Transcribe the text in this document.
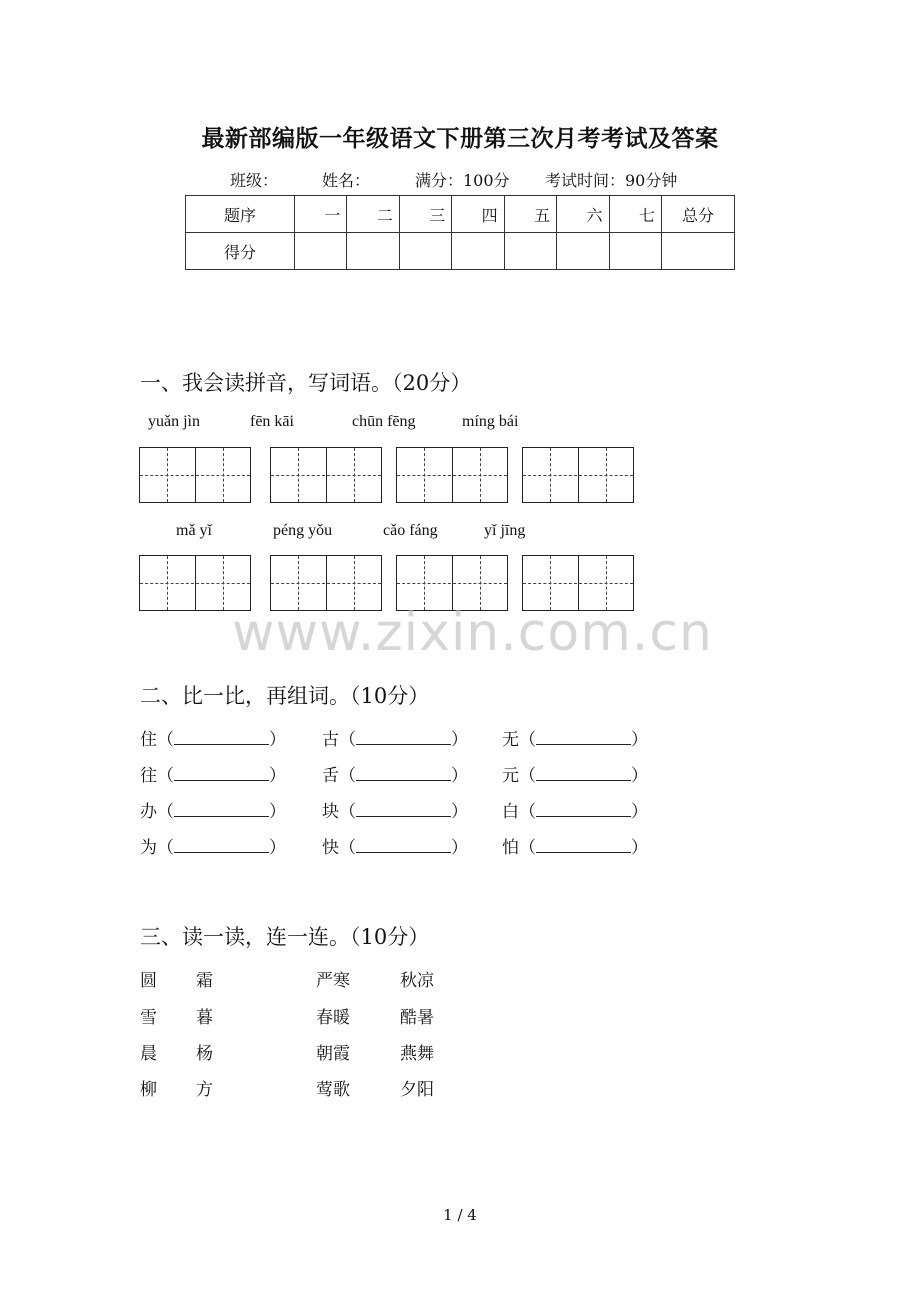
最新部编版一年级语文下册第三次月考考试及答案
班级：	姓名：	满分：100分 考试时间：90分钟
题序	一	二	三	四	五	六	七	总分
得分								
一、我会读拼音，写词语。（20分）
yuǎn jìn	fēn kāi	chūn fēng	míng bái
mǎ yǐ	péng yǒu	cǎo fáng	yǐ jīng
www.zixin.com.cn
二、比一比，再组词。（10分）
住（	） 古（	） 无（	）
往（	） 舌（	） 元（	）
办（	） 块（	） 白（	）
为（	） 快（	） 怕（	）
三、读一读，连一连。（10分）
圆 霜	严寒	秋凉
雪 暮	春暖	酷暑
晨 杨	朝霞	燕舞
柳 方	莺歌	夕阳
1 / 4
